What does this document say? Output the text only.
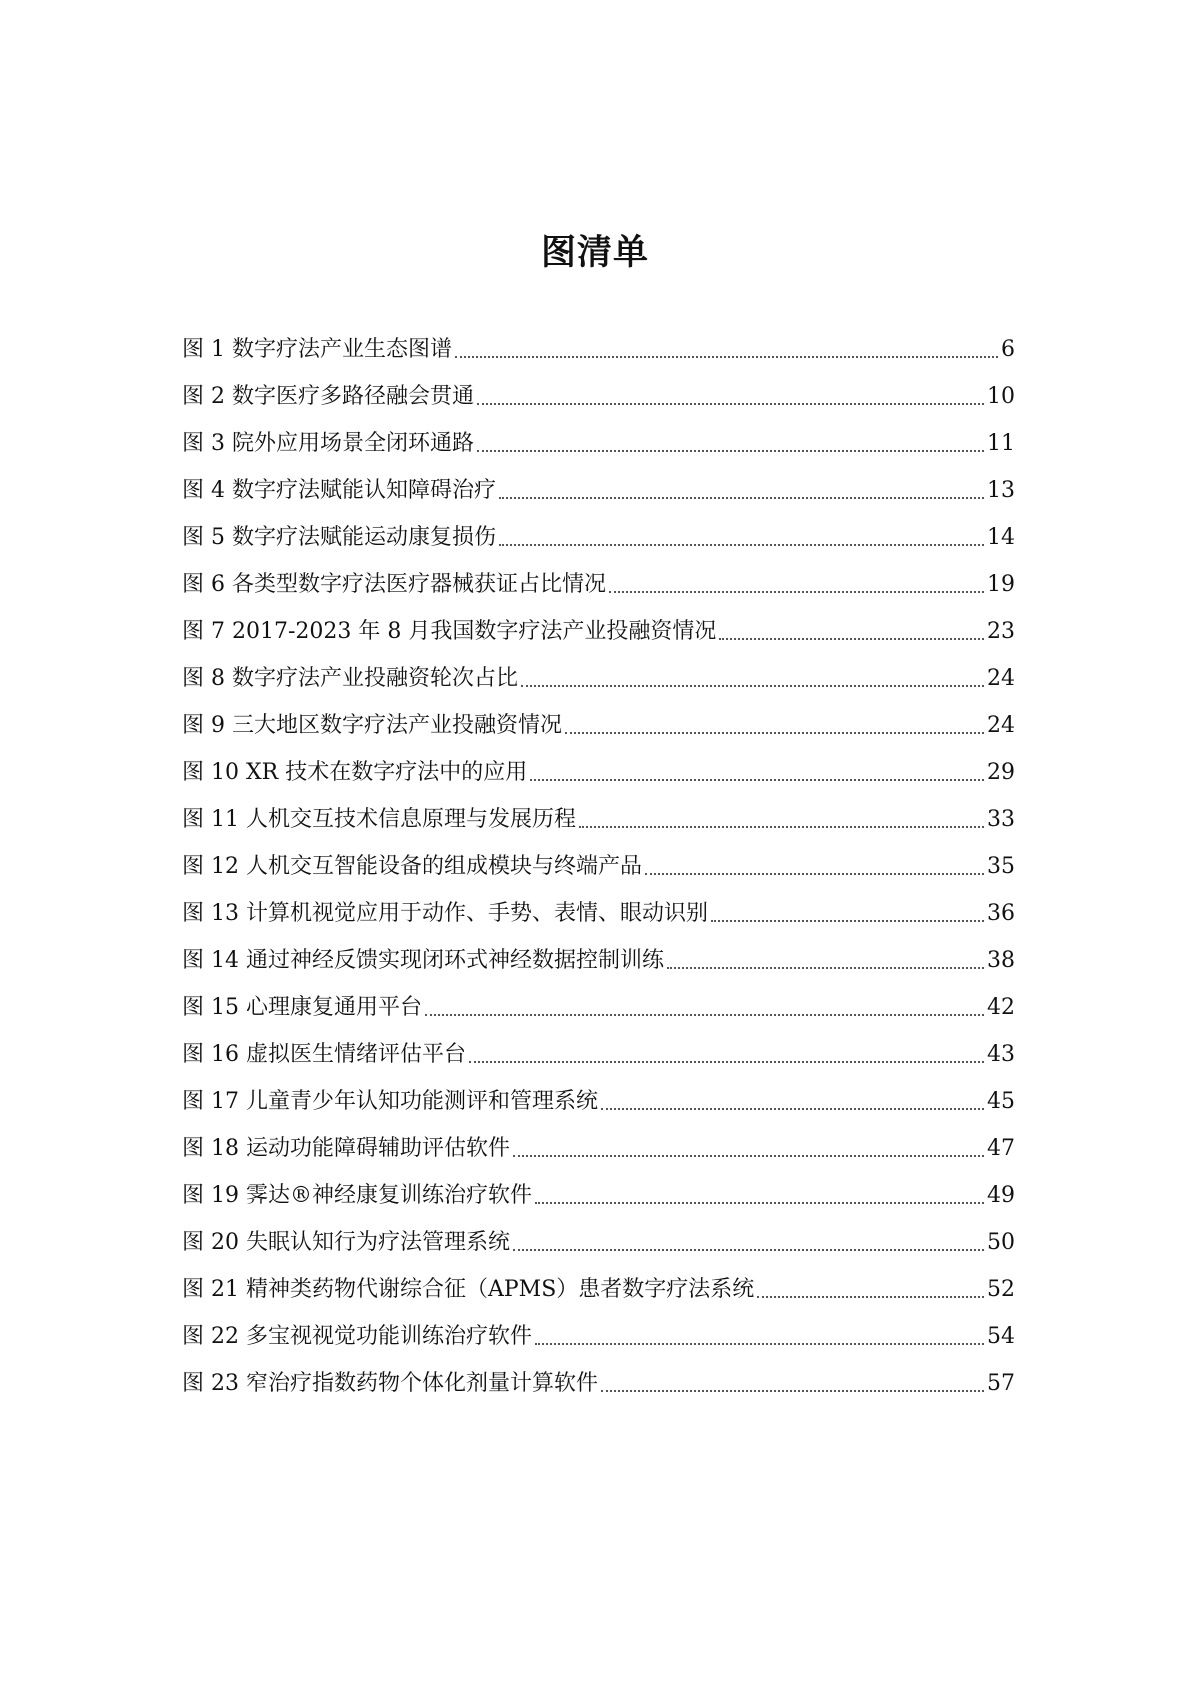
图清单
图 1 数字疗法产业生态图谱	6
图 2 数字医疗多路径融会贯通	10
图 3 院外应用场景全闭环通路	11
图 4 数字疗法赋能认知障碍治疗	13
图 5 数字疗法赋能运动康复损伤	14
图 6 各类型数字疗法医疗器械获证占比情况	19
图 7 2017-2023 年 8 月我国数字疗法产业投融资情况	23
图 8 数字疗法产业投融资轮次占比	24
图 9 三大地区数字疗法产业投融资情况	24
图 10 XR 技术在数字疗法中的应用	29
图 11 人机交互技术信息原理与发展历程	33
图 12 人机交互智能设备的组成模块与终端产品	35
图 13 计算机视觉应用于动作、手势、表情、眼动识别	36
图 14 通过神经反馈实现闭环式神经数据控制训练	38
图 15 心理康复通用平台	42
图 16 虚拟医生情绪评估平台	43
图 17 儿童青少年认知功能测评和管理系统	45
图 18 运动功能障碍辅助评估软件	47
图 19 霁达®神经康复训练治疗软件	49
图 20 失眠认知行为疗法管理系统	50
图 21 精神类药物代谢综合征（APMS）患者数字疗法系统	52
图 22 多宝视视觉功能训练治疗软件	54
图 23 窄治疗指数药物个体化剂量计算软件	57
